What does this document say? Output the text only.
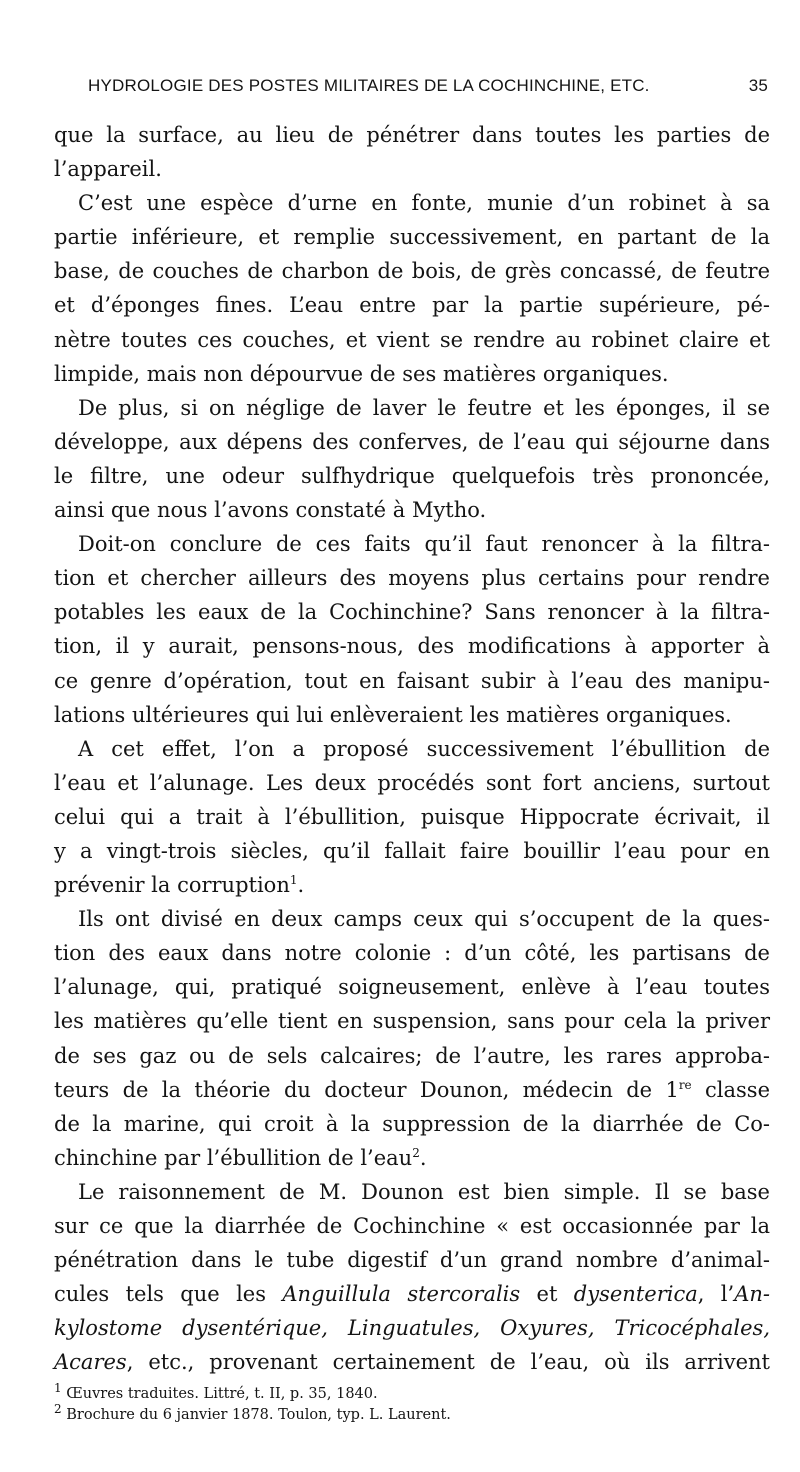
HYDROLOGIE DES POSTES MILITAIRES DE LA COCHINCHINE, ETC.	35
que la surface, au lieu de pénétrer dans toutes les parties de
l’appareil.
C’est une espèce d’urne en fonte, munie d’un robinet à sa
partie inférieure, et remplie successivement, en partant de la
base, de couches de charbon de bois, de grès concassé, de feutre
et d’éponges fines. L’eau entre par la partie supérieure, pé-
nètre toutes ces couches, et vient se rendre au robinet claire et
limpide, mais non dépourvue de ses matières organiques.
De plus, si on néglige de laver le feutre et les éponges, il se
développe, aux dépens des conferves, de l’eau qui séjourne dans
le filtre, une odeur sulfhydrique quelquefois très prononcée,
ainsi que nous l’avons constaté à Mytho.
Doit-on conclure de ces faits qu’il faut renoncer à la filtra-
tion et chercher ailleurs des moyens plus certains pour rendre
potables les eaux de la Cochinchine? Sans renoncer à la filtra-
tion, il y aurait, pensons-nous, des modifications à apporter à
ce genre d’opération, tout en faisant subir à l’eau des manipu-
lations ultérieures qui lui enlèveraient les matières organiques.
A cet effet, l’on a proposé successivement l’ébullition de
l’eau et l’alunage. Les deux procédés sont fort anciens, surtout
celui qui a trait à l’ébullition, puisque Hippocrate écrivait, il
y a vingt-trois siècles, qu’il fallait faire bouillir l’eau pour en
prévenir la corruption$^1$.
Ils ont divisé en deux camps ceux qui s’occupent de la ques-
tion des eaux dans notre colonie : d’un côté, les partisans de
l’alunage, qui, pratiqué soigneusement, enlève à l’eau toutes
les matières qu’elle tient en suspension, sans pour cela la priver
de ses gaz ou de sels calcaires; de l’autre, les rares approba-
teurs de la théorie du docteur Dounon, médecin de 1re classe
de la marine, qui croit à la suppression de la diarrhée de Co-
chinchine par l’ébullition de l’eau$^2$.
Le raisonnement de M. Dounon est bien simple. Il se base
sur ce que la diarrhée de Cochinchine « est occasionnée par la
pénétration dans le tube digestif d’un grand nombre d’animal-
cules tels que les Anguillula stercoralis et dysenterica, l’An-
kylostome dysentérique, Linguatules, Oxyures, Tricocéphales,
Acares, etc., provenant certainement de l’eau, où ils arrivent
$^1$ Œuvres traduites. Littré, t. II, p. 35, 1840.
$^2$ Brochure du 6 janvier 1878. Toulon, typ. L. Laurent.
